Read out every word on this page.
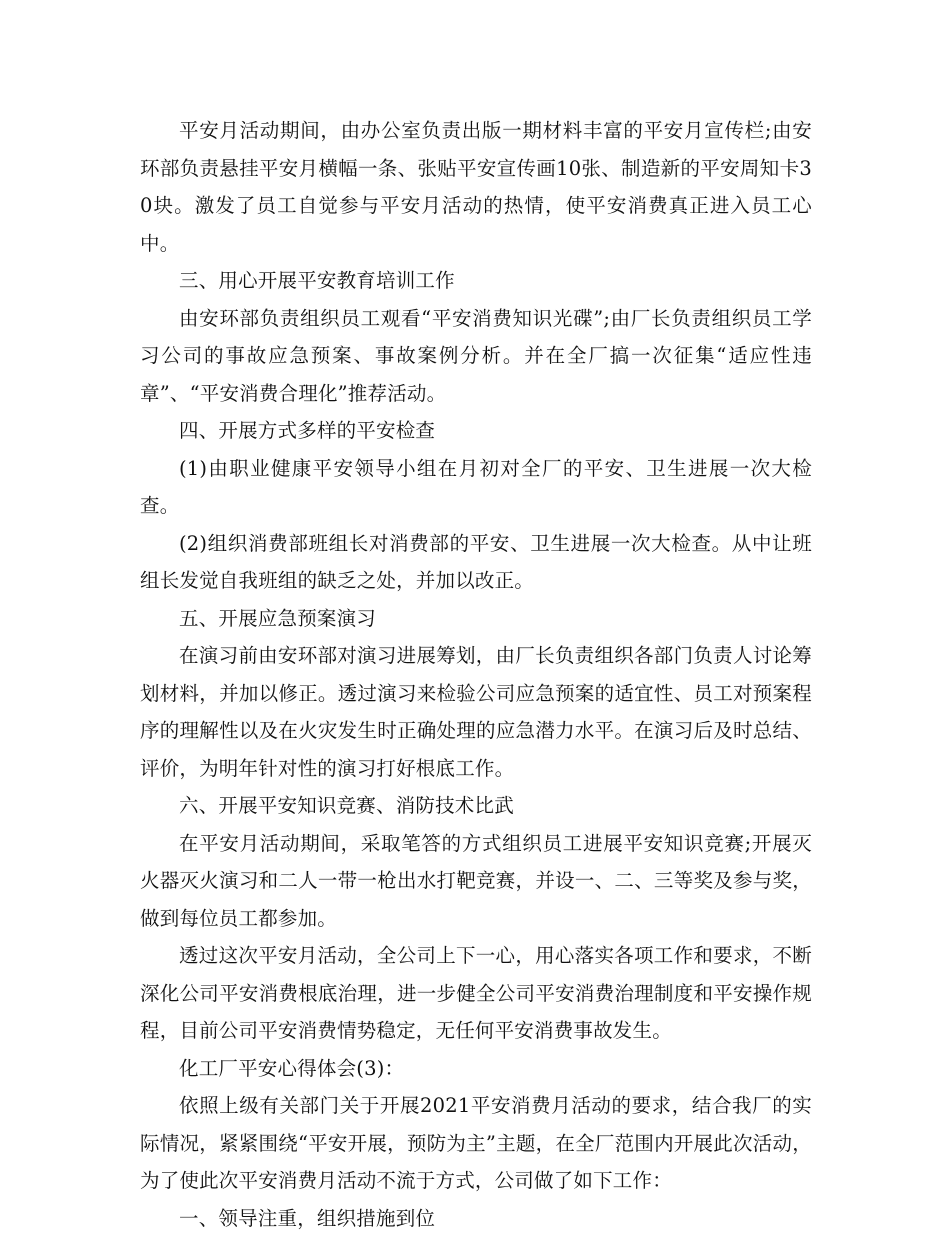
平安月活动期间，由办公室负责出版一期材料丰富的平安月宣传栏;由安环部负责悬挂平安月横幅一条、张贴平安宣传画10张、制造新的平安周知卡30块。激发了员工自觉参与平安月活动的热情，使平安消费真正进入员工心中。

三、用心开展平安教育培训工作

由安环部负责组织员工观看“平安消费知识光碟”;由厂长负责组织员工学习公司的事故应急预案、事故案例分析。并在全厂搞一次征集“适应性违章”、“平安消费合理化”推荐活动。

四、开展方式多样的平安检查

(1)由职业健康平安领导小组在月初对全厂的平安、卫生进展一次大检查。

(2)组织消费部班组长对消费部的平安、卫生进展一次大检查。从中让班组长发觉自我班组的缺乏之处，并加以改正。

五、开展应急预案演习

在演习前由安环部对演习进展筹划，由厂长负责组织各部门负责人讨论筹划材料，并加以修正。透过演习来检验公司应急预案的适宜性、员工对预案程序的理解性以及在火灾发生时正确处理的应急潜力水平。在演习后及时总结、评价，为明年针对性的演习打好根底工作。

六、开展平安知识竞赛、消防技术比武

在平安月活动期间，采取笔答的方式组织员工进展平安知识竞赛;开展灭火器灭火演习和二人一带一枪出水打靶竞赛，并设一、二、三等奖及参与奖，做到每位员工都参加。

透过这次平安月活动，全公司上下一心，用心落实各项工作和要求，不断深化公司平安消费根底治理，进一步健全公司平安消费治理制度和平安操作规程，目前公司平安消费情势稳定，无任何平安消费事故发生。

化工厂平安心得体会(3)：

依照上级有关部门关于开展2021平安消费月活动的要求，结合我厂的实际情况，紧紧围绕“平安开展，预防为主”主题，在全厂范围内开展此次活动，为了使此次平安消费月活动不流于方式，公司做了如下工作：

一、领导注重，组织措施到位
